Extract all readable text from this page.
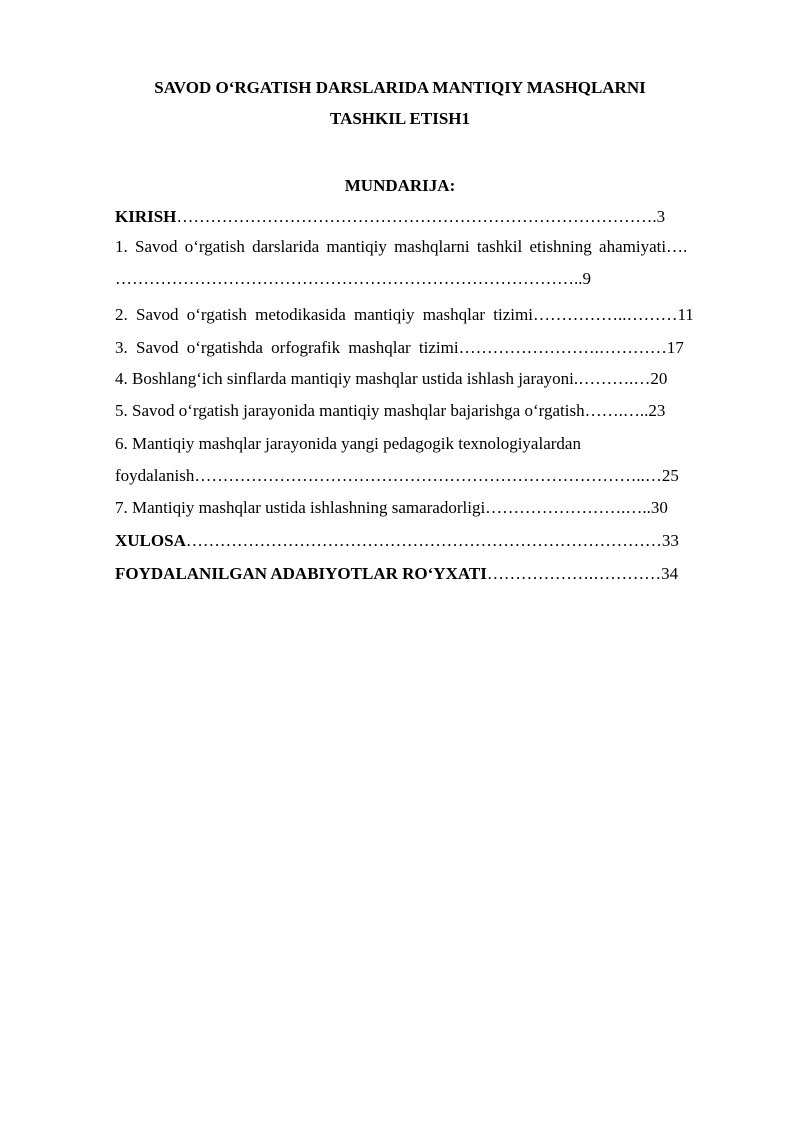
SAVOD O‘RGATISH DARSLARIDA MANTIQIY MASHQLARNI
TASHKIL ETISH1
MUNDARIJA:
KIRISH………………………………………………………………………….3
1. Savod o‘rgatish darslarida mantiqiy mashqlarni tashkil etishning ahamiyati….
………………………………………………………………………..9
2. Savod o‘rgatish metodikasida mantiqiy mashqlar tizimi……………..………11
3. Savod o‘rgatishda orfografik mashqlar tizimi…………………….…………17
4. Boshlang‘ich sinflarda mantiqiy mashqlar ustida ishlash jarayoni.……….…20
5. Savod o‘rgatish jarayonida mantiqiy mashqlar bajarishga o‘rgatish…….…..23
6. Mantiqiy mashqlar jarayonida yangi pedagogik texnologiyalardan
foydalanish……………………………………………………………………..…25
7. Mantiqiy mashqlar ustida ishlashning samaradorligi…………………….…..30
XULOSA…………………………………………………………………………33
FOYDALANILGAN ADABIYOTLAR RO‘YXATI……………….…………34
